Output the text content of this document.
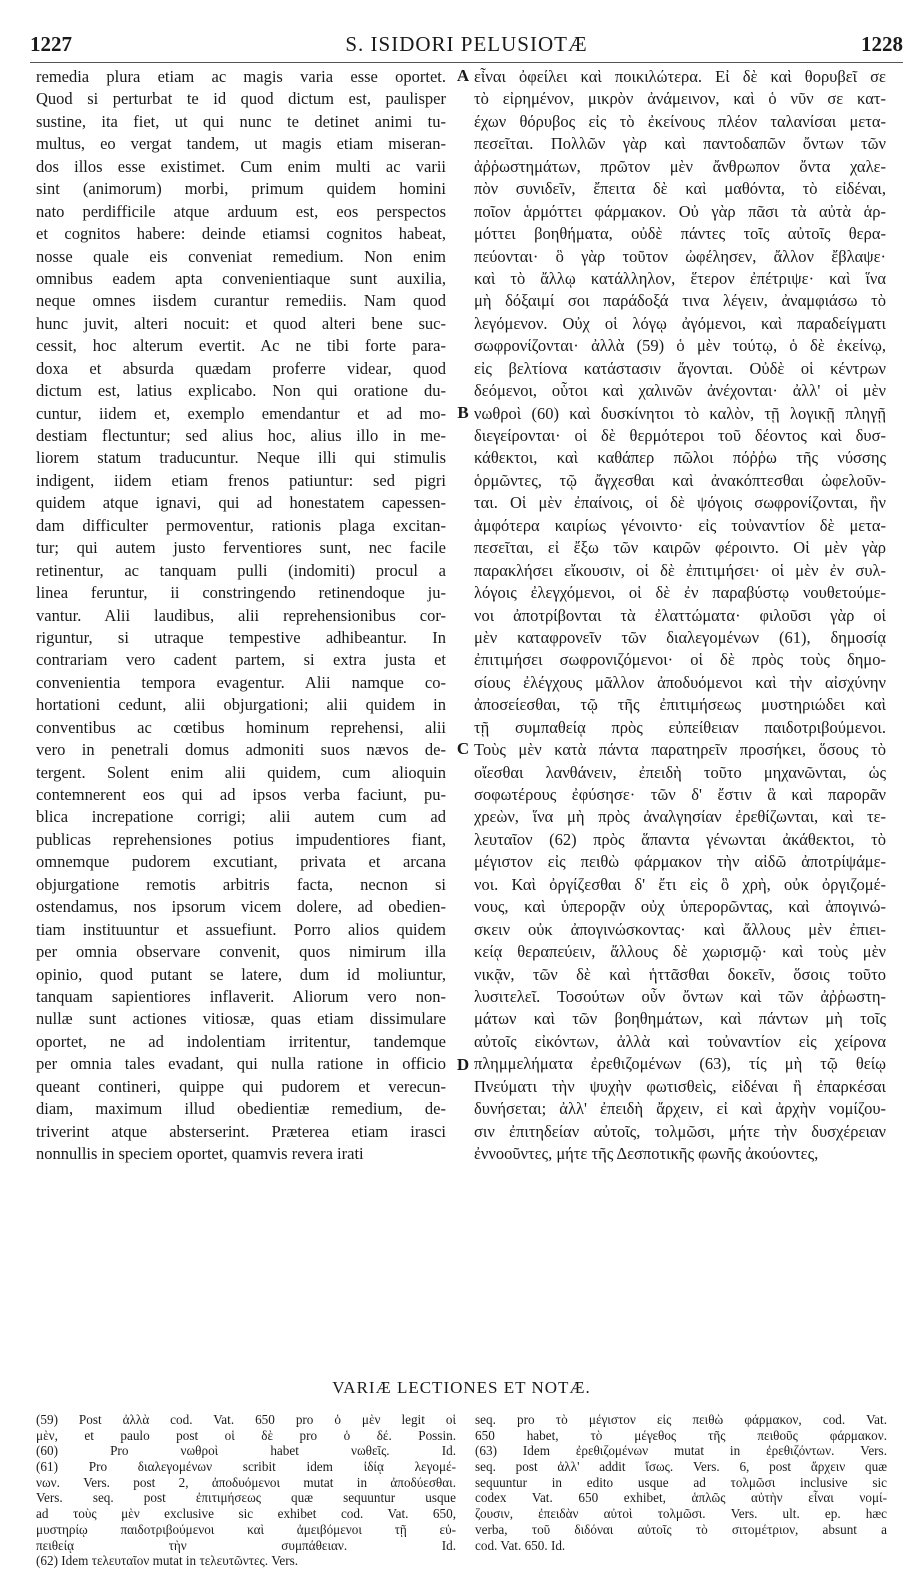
1227	S. ISIDORI PELUSIOTÆ	1228
remedia plura etiam ac magis varia esse oportet.
Quod si perturbat te id quod dictum est, paulisper
sustine, ita fiet, ut qui nunc te detinet animi tu-
multus, eo vergat tandem, ut magis etiam miseran-
dos illos esse existimet. Cum enim multi ac varii
sint (animorum) morbi, primum quidem homini
nato perdifficile atque arduum est, eos perspectos
et cognitos habere: deinde etiamsi cognitos habeat,
nosse quale eis conveniat remedium. Non enim
omnibus eadem apta convenientiaque sunt auxilia,
neque omnes iisdem curantur remediis. Nam quod
hunc juvit, alteri nocuit: et quod alteri bene suc-
cessit, hoc alterum evertit. Ac ne tibi forte para-
doxa et absurda quædam proferre videar, quod
dictum est, latius explicabo. Non qui oratione du-
cuntur, iidem et, exemplo emendantur et ad mo-
destiam flectuntur; sed alius hoc, alius illo in me-
liorem statum traducuntur. Neque illi qui stimulis
indigent, iidem etiam frenos patiuntur: sed pigri
quidem atque ignavi, qui ad honestatem capessen-
dam difficulter permoventur, rationis plaga excitan-
tur; qui autem justo ferventiores sunt, nec facile
retinentur, ac tanquam pulli (indomiti) procul a
linea feruntur, ii constringendo retinendoque ju-
vantur. Alii laudibus, alii reprehensionibus cor-
riguntur, si utraque tempestive adhibeantur. In
contrariam vero cadent partem, si extra justa et
convenientia tempora evagentur. Alii namque co-
hortationi cedunt, alii objurgationi; alii quidem in
conventibus ac cœtibus hominum reprehensi, alii
vero in penetrali domus admoniti suos nævos de-
tergent. Solent enim alii quidem, cum alioquin
contemnerent eos qui ad ipsos verba faciunt, pu-
blica increpatione corrigi; alii autem cum ad
publicas reprehensiones potius impudentiores fiant,
omnemque pudorem excutiant, privata et arcana
objurgatione remotis arbitris facta, necnon si
ostendamus, nos ipsorum vicem dolere, ad obedien-
tiam instituuntur et assuefiunt. Porro alios quidem
per omnia observare convenit, quos nimirum illa
opinio, quod putant se latere, dum id moliuntur,
tanquam sapientiores inflaverit. Aliorum vero non-
nullæ sunt actiones vitiosæ, quas etiam dissimulare
oportet, ne ad indolentiam irritentur, tandemque
per omnia tales evadant, qui nulla ratione in officio
queant contineri, quippe qui pudorem et verecun-
diam, maximum illud obedientiæ remedium, de-
triverint atque absterserint. Præterea etiam irasci
nonnullis in speciem oportet, quamvis revera irati
εἶναι ὀφείλει καὶ ποικιλώτερα. Εἰ δὲ καὶ θορυβεῖ σε
τὸ εἰρημένον, μικρὸν ἀνάμεινον, καὶ ὁ νῦν σε κατ-
έχων θόρυβος εἰς τὸ ἐκείνους πλέον ταλανίσαι μετα-
πεσεῖται. Πολλῶν γὰρ καὶ παντοδαπῶν ὄντων τῶν
ἀῤῥωστημάτων, πρῶτον μὲν ἄνθρωπον ὄντα χαλε-
πὸν συνιδεῖν, ἔπειτα δὲ καὶ μαθόντα, τὸ εἰδέναι,
ποῖον ἁρμόττει φάρμακον. Οὐ γὰρ πᾶσι τὰ αὐτὰ ἁρ-
μόττει βοηθήματα, οὐδὲ πάντες τοῖς αὐτοῖς θερα-
πεύονται· ὃ γὰρ τοῦτον ὠφέλησεν, ἄλλον ἔβλαψε·
καὶ τὸ ἄλλῳ κατάλληλον, ἕτερον ἐπέτριψε· καὶ ἵνα
μὴ δόξαιμί σοι παράδοξά τινα λέγειν, ἀναμφιάσω τὸ
λεγόμενον. Οὐχ οἱ λόγῳ ἀγόμενοι, καὶ παραδείγματι
σωφρονίζονται· ἀλλὰ (59) ὁ μὲν τούτῳ, ὁ δὲ ἐκείνῳ,
εἰς βελτίονα κατάστασιν ἄγονται. Οὐδὲ οἱ κέντρων
δεόμενοι, οὗτοι καὶ χαλινῶν ἀνέχονται· ἀλλ' οἱ μὲν
νωθροὶ (60) καὶ δυσκίνητοι τὸ καλὸν, τῇ λογικῇ πληγῇ
διεγείρονται· οἱ δὲ θερμότεροι τοῦ δέοντος καὶ δυσ-
κάθεκτοι, καὶ καθάπερ πῶλοι πόῤῥω τῆς νύσσης
ὁρμῶντες, τῷ ἄγχεσθαι καὶ ἀνακόπτεσθαι ὠφελοῦν-
ται. Οἱ μὲν ἐπαίνοις, οἱ δὲ ψόγοις σωφρονίζονται, ἢν
ἀμφότερα καιρίως γένοιντο· εἰς τοὐναντίον δὲ μετα-
πεσεῖται, εἰ ἔξω τῶν καιρῶν φέροιντο. Οἱ μὲν γὰρ
παρακλήσει εἴκουσιν, οἱ δὲ ἐπιτιμήσει· οἱ μὲν ἐν συλ-
λόγοις ἐλεγχόμενοι, οἱ δὲ ἐν παραβύστῳ νουθετούμε-
νοι ἀποτρίβονται τὰ ἐλαττώματα· φιλοῦσι γὰρ οἱ
μὲν καταφρονεῖν τῶν διαλεγομένων (61), δημοσίᾳ
ἐπιτιμήσει σωφρονιζόμενοι· οἱ δὲ πρὸς τοὺς δημο-
σίους ἐλέγχους μᾶλλον ἀποδυόμενοι καὶ τὴν αἰσχύνην
ἀποσείεσθαι, τῷ τῆς ἐπιτιμήσεως μυστηριώδει καὶ
τῇ συμπαθείᾳ πρὸς εὐπείθειαν παιδοτριβούμενοι.
Τοὺς μὲν κατὰ πάντα παρατηρεῖν προσήκει, ὅσους τὸ
οἴεσθαι λανθάνειν, ἐπειδὴ τοῦτο μηχανῶνται, ὡς
σοφωτέρους ἐφύσησε· τῶν δ' ἔστιν ἃ καὶ παρορᾶν
χρεὼν, ἵνα μὴ πρὸς ἀναλγησίαν ἐρεθίζωνται, καὶ τε-
λευταῖον (62) πρὸς ἅπαντα γένωνται ἀκάθεκτοι, τὸ
μέγιστον εἰς πειθὼ φάρμακον τὴν αἰδῶ ἀποτρίψάμε-
νοι. Καὶ ὀργίζεσθαι δ' ἔτι εἰς ὃ χρὴ, οὐκ ὀργιζομέ-
νους, καὶ ὑπερορᾷν οὐχ ὑπερορῶντας, καὶ ἀπογινώ-
σκειν οὐκ ἀπογινώσκοντας· καὶ ἄλλους μὲν ἐπιει-
κείᾳ θεραπεύειν, ἄλλους δὲ χωρισμῷ· καὶ τοὺς μὲν
νικᾷν, τῶν δὲ καὶ ἡττᾶσθαι δοκεῖν, ὅσοις τοῦτο
λυσιτελεῖ. Τοσούτων οὖν ὄντων καὶ τῶν ἀῤῥωστη-
μάτων καὶ τῶν βοηθημάτων, καὶ πάντων μὴ τοῖς
αὐτοῖς εἰκόντων, ἀλλὰ καὶ τοὐναντίον εἰς χείρονα
πλημμελήματα ἐρεθιζομένων (63), τίς μὴ τῷ θείῳ
Πνεύματι τὴν ψυχὴν φωτισθεὶς, εἰδέναι ἢ ἐπαρκέσαι
δυνήσεται; ἀλλ' ἐπειδὴ ἄρχειν, εἰ καὶ ἀρχὴν νομίζου-
σιν ἐπιτηδείαν αὐτοῖς, τολμῶσι, μήτε τὴν δυσχέρειαν
ἐννοοῦντες, μήτε τῆς Δεσποτικῆς φωνῆς ἀκούοντες,
A
B
C
D
VARIÆ LECTIONES ET NOTÆ.
(59) Post ἀλλὰ cod. Vat. 650 pro ὁ μὲν legit οἱ
μὲν, et paulo post οἱ δὲ pro ὁ δέ. Possin.
(60) Pro νωθροὶ habet νωθεῖς. Id.
(61) Pro διαλεγομένων scribit idem ἰδίᾳ λεγομέ-
νων. Vers. post 2, ἀποδυόμενοι mutat in ἀποδύεσθαι.
Vers. seq. post ἐπιτιμήσεως quæ sequuntur usque
ad τοὺς μὲν exclusive sic exhibet cod. Vat. 650,
μυστηρίῳ παιδοτριβούμενοι καὶ ἀμειβόμενοι τῇ εὐ-
πειθείᾳ τὴν συμπάθειαν. Id.
(62) Idem τελευταῖον mutat in τελευτῶντες. Vers.
seq. pro τὸ μέγιστον εἰς πειθὼ φάρμακον, cod. Vat.
650 habet, τὸ μέγεθος τῆς πειθοῦς φάρμακον.
(63) Idem ἐρεθιζομένων mutat in ἐρεθιζόντων. Vers.
seq. post ἀλλ' addit ἴσως. Vers. 6, post ἄρχειν quæ
sequuntur in edito usque ad τολμῶσι inclusive sic
codex Vat. 650 exhibet, ἁπλῶς αὐτὴν εἶναι νομί-
ζουσιν, ἐπειδὰν αὐτοὶ τολμῶσι. Vers. ult. ep. hæc
verba, τοῦ διδόναι αὐτοῖς τὸ σιτομέτριον, absunt a
cod. Vat. 650. Id.
